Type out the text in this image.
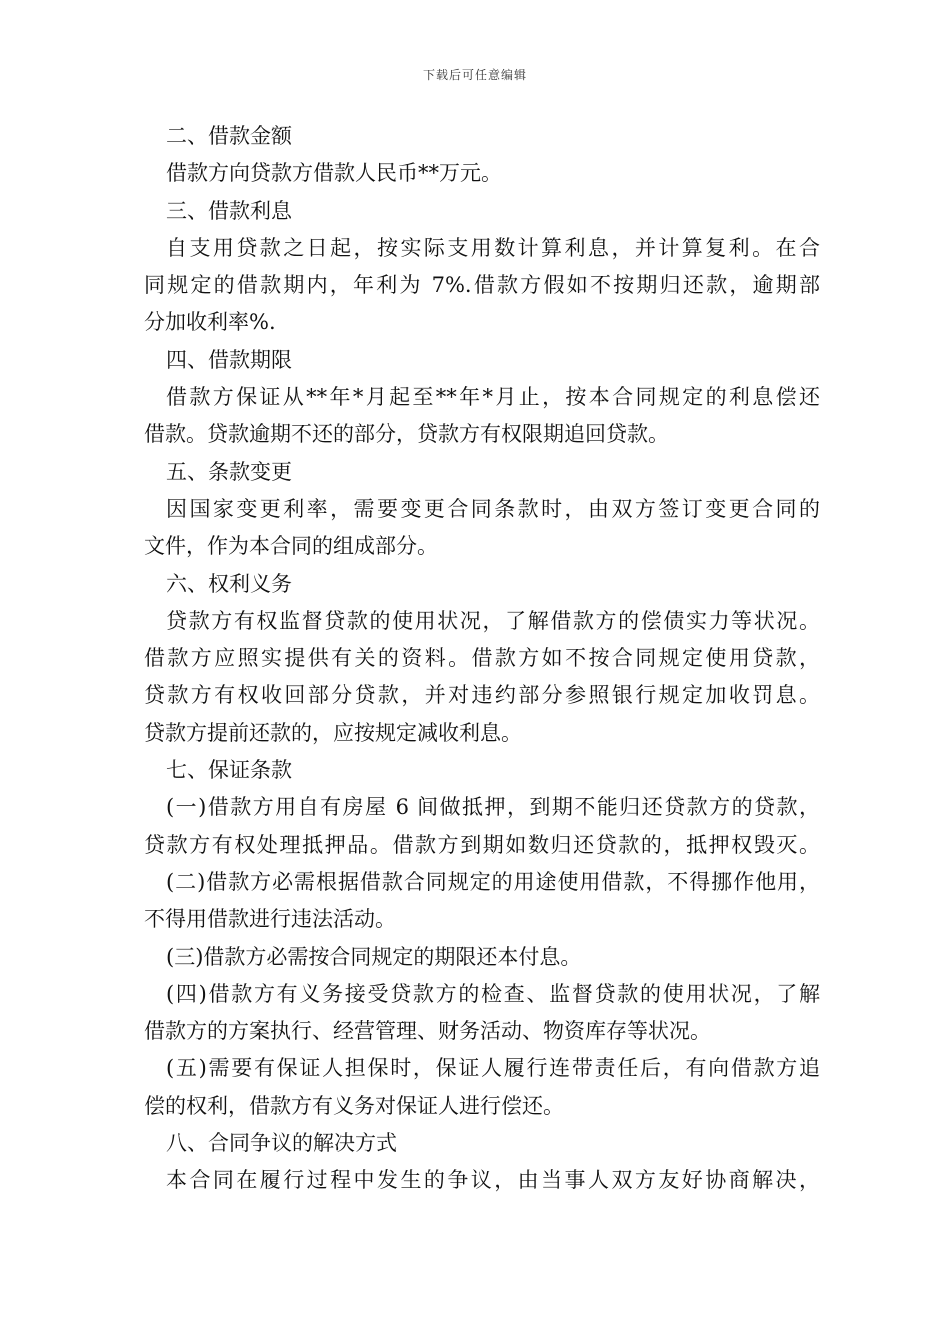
下载后可任意编辑
二、借款金额
借款方向贷款方借款人民币**万元。
三、借款利息
自支用贷款之日起，按实际支用数计算利息，并计算复利。在合
同规定的借款期内，年利为 7%.借款方假如不按期归还款，逾期部
分加收利率%.
四、借款期限
借款方保证从**年*月起至**年*月止，按本合同规定的利息偿还
借款。贷款逾期不还的部分，贷款方有权限期追回贷款。
五、条款变更
因国家变更利率，需要变更合同条款时，由双方签订变更合同的
文件，作为本合同的组成部分。
六、权利义务
贷款方有权监督贷款的使用状况，了解借款方的偿债实力等状况。
借款方应照实提供有关的资料。借款方如不按合同规定使用贷款，
贷款方有权收回部分贷款，并对违约部分参照银行规定加收罚息。
贷款方提前还款的，应按规定减收利息。
七、保证条款
(一)借款方用自有房屋 6 间做抵押，到期不能归还贷款方的贷款，
贷款方有权处理抵押品。借款方到期如数归还贷款的，抵押权毁灭。
(二)借款方必需根据借款合同规定的用途使用借款，不得挪作他用，
不得用借款进行违法活动。
(三)借款方必需按合同规定的期限还本付息。
(四)借款方有义务接受贷款方的检查、监督贷款的使用状况，了解
借款方的方案执行、经营管理、财务活动、物资库存等状况。
(五)需要有保证人担保时，保证人履行连带责任后，有向借款方追
偿的权利，借款方有义务对保证人进行偿还。
八、合同争议的解决方式
本合同在履行过程中发生的争议，由当事人双方友好协商解决，
